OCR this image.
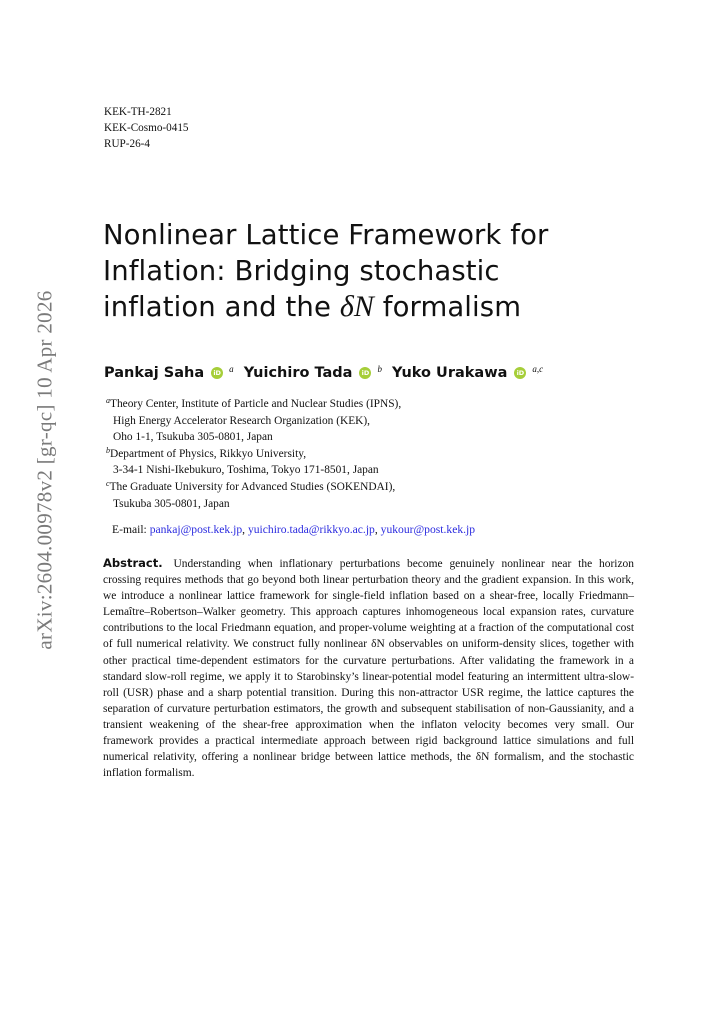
arXiv:2604.00978v2 [gr-qc] 10 Apr 2026
KEK-TH-2821
KEK-Cosmo-0415
RUP-26-4
Nonlinear Lattice Framework for
Inflation: Bridging stochastic
inflation and the δN formalism
Pankaj Saha iD $^a$ Yuichiro Tada iD $^b$ Yuko Urakawa iD $^{a,c}$
$^a$Theory Center, Institute of Particle and Nuclear Studies (IPNS),
High Energy Accelerator Research Organization (KEK),
Oho 1-1, Tsukuba 305-0801, Japan
$^b$Department of Physics, Rikkyo University,
3-34-1 Nishi-Ikebukuro, Toshima, Tokyo 171-8501, Japan
$^c$The Graduate University for Advanced Studies (SOKENDAI),
Tsukuba 305-0801, Japan
E-mail: pankaj@post.kek.jp, yuichiro.tada@rikkyo.ac.jp, yukour@post.kek.jp

Abstract. Understanding when inflationary perturbations become genuinely nonlinear near the horizon crossing requires methods that go beyond both linear perturbation theory and the gradient expansion. In this work, we introduce a nonlinear lattice framework for single-field inflation based on a shear-free, locally Friedmann–Lemaître–Robertson–Walker geometry. This approach captures inhomogeneous local expansion rates, curvature contributions to the local Friedmann equation, and proper-volume weighting at a fraction of the computational cost of full numerical relativity. We construct fully nonlinear δN observables on uniform-density slices, together with other practical time-dependent estimators for the curvature perturbations. After validating the framework in a standard slow-roll regime, we apply it to Starobinsky’s linear-potential model featuring an intermittent ultra-slow-roll (USR) phase and a sharp potential transition. During this non-attractor USR regime, the lattice captures the separation of curvature perturbation estimators, the growth and subsequent stabilisation of non-Gaussianity, and a transient weakening of the shear-free approximation when the inflaton velocity becomes very small. Our framework provides a practical intermediate approach between rigid background lattice simulations and full numerical relativity, offering a nonlinear bridge between lattice methods, the δN formalism, and the stochastic inflation formalism.
